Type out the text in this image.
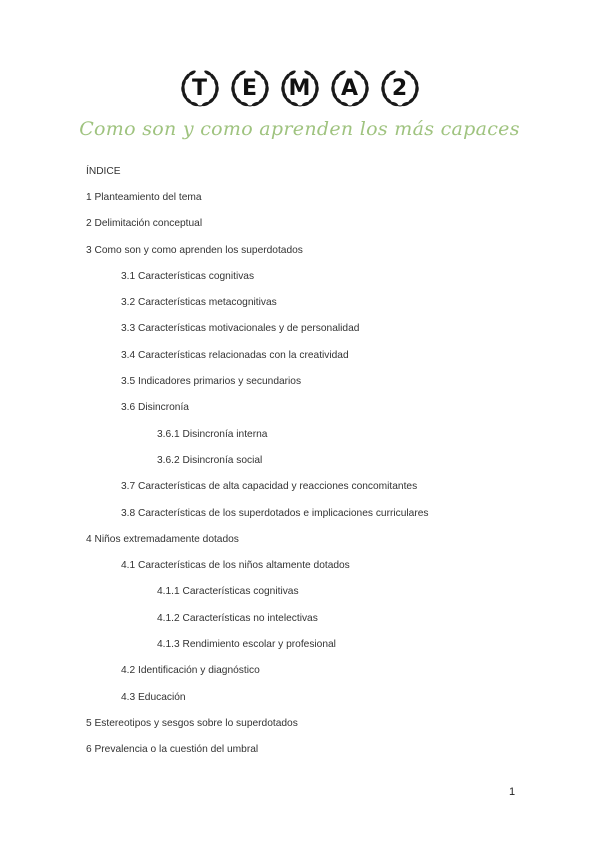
T	E	M	A	2
Como son y como aprenden los más capaces
ÍNDICE
1 Planteamiento del tema
2 Delimitación conceptual
3 Como son y como aprenden los superdotados
3.1 Características cognitivas
3.2 Características metacognitivas
3.3 Características motivacionales y de personalidad
3.4 Características relacionadas con la creatividad
3.5 Indicadores primarios y secundarios
3.6 Disincronía
3.6.1 Disincronía interna
3.6.2 Disincronía social
3.7 Características de alta capacidad y reacciones concomitantes
3.8 Características de los superdotados e implicaciones curriculares
4 Niños extremadamente dotados
4.1 Características de los niños altamente dotados
4.1.1 Características cognitivas
4.1.2 Características no intelectivas
4.1.3 Rendimiento escolar y profesional
4.2 Identificación y diagnóstico
4.3 Educación
5 Estereotipos y sesgos sobre lo superdotados
6 Prevalencia o la cuestión del umbral
1
